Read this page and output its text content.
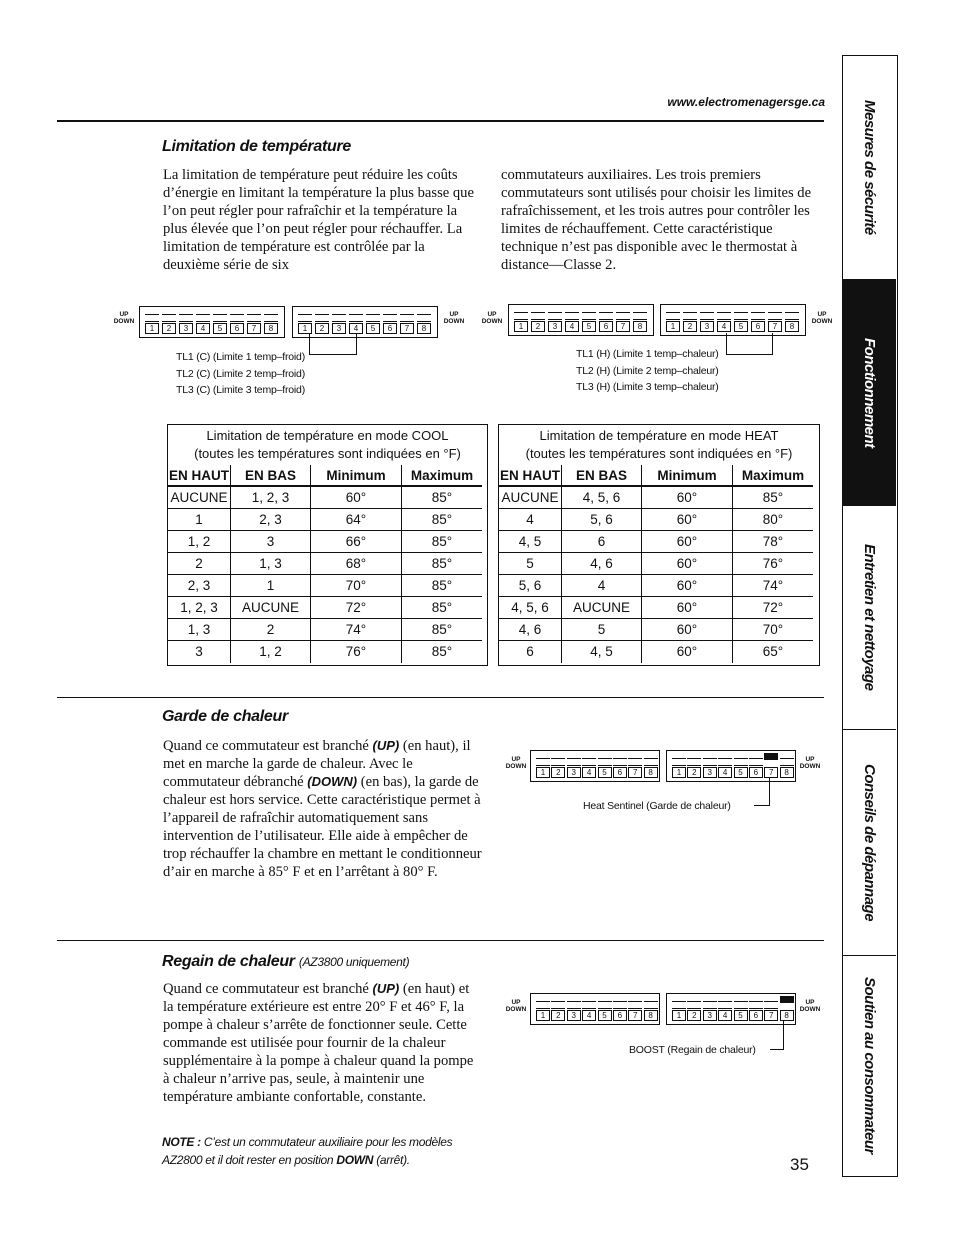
www.electromenagersge.ca
Limitation de température
La limitation de température peut réduire les coûts d’énergie en limitant la température la plus basse que l’on peut régler pour rafraîchir et la température la plus élevée que l’on peut régler pour réchauffer. La limitation de température est contrôlée par la deuxième série de six
commutateurs auxiliaires. Les trois premiers commutateurs sont utilisés pour choisir les limites de rafraîchissement, et les trois autres pour contrôler les limites de réchauffement. Cette caractéristique technique n’est pas disponible avec le thermostat à distance—Classe 2.
UP
DOWN
1	2	3	4	5	6	7	8	1	2	3	4	5	6	7	8
UP
DOWN
TL1 (C) (Limite 1 temp–froid)
TL2 (C) (Limite 2 temp–froid)
TL3 (C) (Limite 3 temp–froid)
UP
DOWN
1	2	3	4	5	6	7	8	1	2	3	4	5	6	7	8
UP
DOWN
TL1 (H) (Limite 1 temp–chaleur)
TL2 (H) (Limite 2 temp–chaleur)
TL3 (H) (Limite 3 temp–chaleur)
Limitation de température en mode COOL
(toutes les températures sont indiquées en °F)
EN HAUT	EN BAS	Minimum	Maximum
AUCUNE	1, 2, 3	60°	85°
1	2, 3	64°	85°
1, 2	3	66°	85°
2	1, 3	68°	85°
2, 3	1	70°	85°
1, 2, 3	AUCUNE	72°	85°
1, 3	2	74°	85°
3	1, 2	76°	85°
Limitation de température en mode HEAT
(toutes les températures sont indiquées en °F)
EN HAUT	EN BAS	Minimum	Maximum
AUCUNE	4, 5, 6	60°	85°
4	5, 6	60°	80°
4, 5	6	60°	78°
5	4, 6	60°	76°
5, 6	4	60°	74°
4, 5, 6	AUCUNE	60°	72°
4, 6	5	60°	70°
6	4, 5	60°	65°
Garde de chaleur
Quand ce commutateur est branché (UP) (en haut), il met en marche la garde de chaleur. Avec le commutateur débranché (DOWN) (en bas), la garde de chaleur est hors service. Cette caractéristique permet à l’appareil de rafraîchir automatiquement sans intervention de l’utilisateur. Elle aide à empêcher de trop réchauffer la chambre en mettant le conditionneur d’air en marche à 85° F et en l’arrêtant à 80° F.
UP
DOWN
1	2	3	4	5	6	7	8	1	2	3	4	5	6	7	8
UP
DOWN
Heat Sentinel (Garde de chaleur)
Regain de chaleur (AZ3800 uniquement)
Quand ce commutateur est branché (UP) (en haut) et la température extérieure est entre 20° F et 46° F, la pompe à chaleur s’arrête de fonctionner seule. Cette commande est utilisée pour fournir de la chaleur supplémentaire à la pompe à chaleur quand la pompe à chaleur n’arrive pas, seule, à maintenir une température ambiante confortable, constante.
NOTE : C’est un commutateur auxiliaire pour les modèles AZ2800 et il doit rester en position DOWN (arrêt).
UP
DOWN
1	2	3	4	5	6	7	8	1	2	3	4	5	6	7	8
UP
DOWN
BOOST (Regain de chaleur)
Mesures de sécurité
Fonctionnement
Entretien et nettoyage
Conseils de dépannage
Soutien au consommateur
35
